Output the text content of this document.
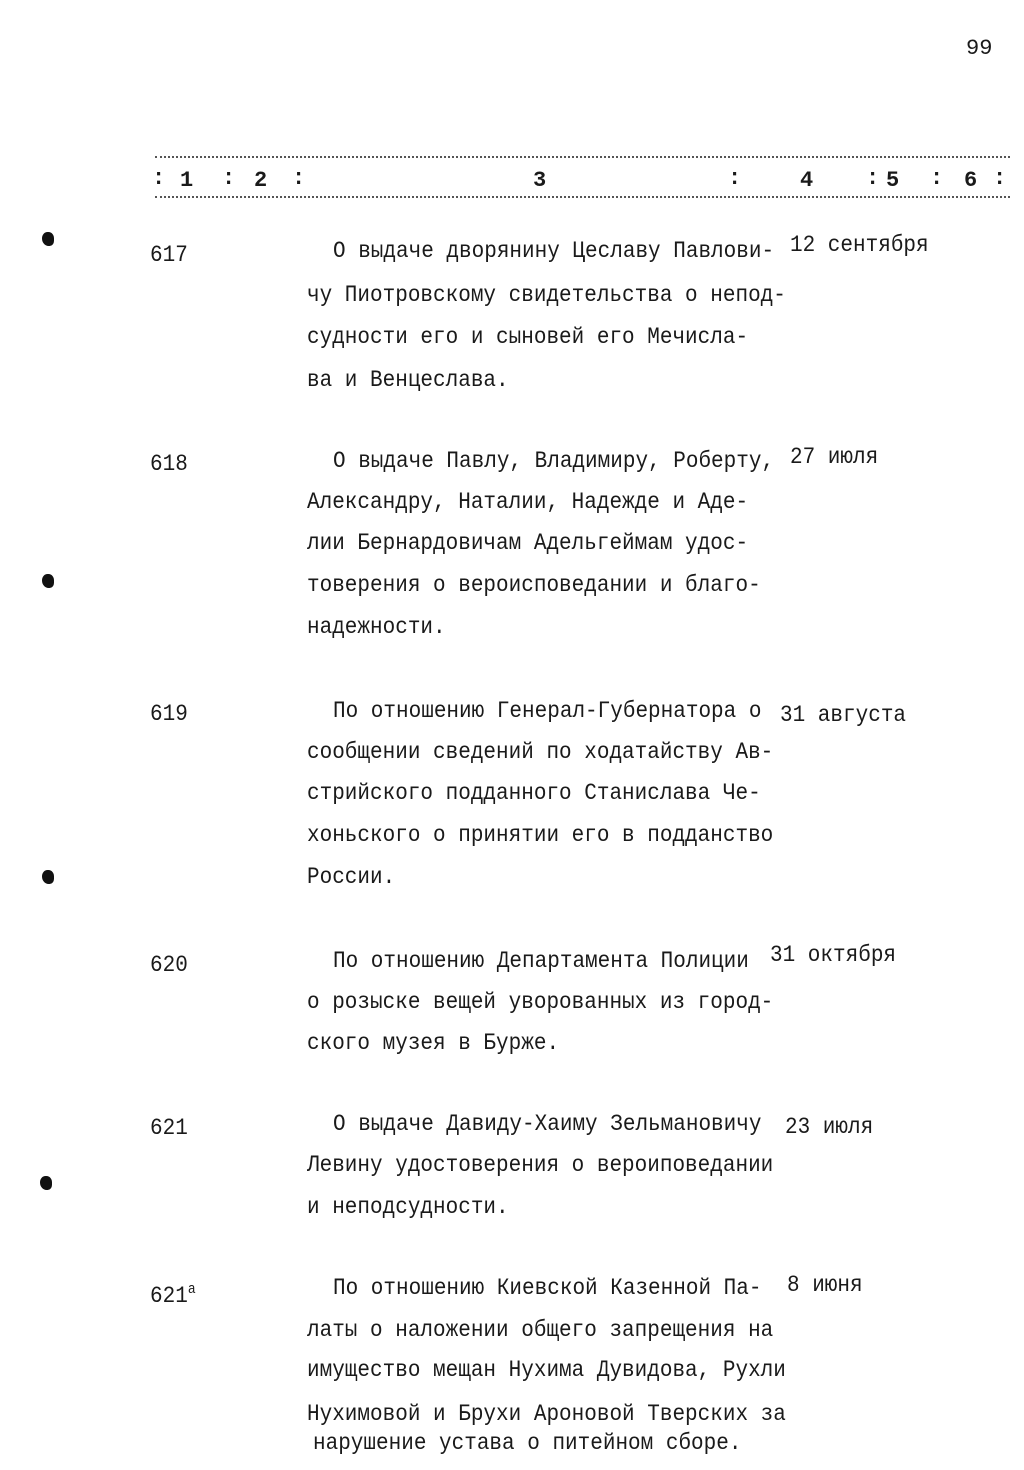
99
: 1 : 2 :	3	:	4 : 5 : 6 :
617	О выдаче дворянину Цеславу Павлови-
чу Пиотровскому свидетельства о непод-
судности его и сыновей его Мечисла-
ва и Венцеслава.
12 сентября
618	О выдаче Павлу, Владимиру, Роберту,
Александру, Наталии, Надежде и Аде-
лии Бернардовичам Адельгеймам удос-
товерения о вероисповедании и благо-
надежности.
27 июля
619	По отношению Генерал-Губернатора о
сообщении сведений по ходатайству Ав-
стрийского подданного Станислава Че-
хоньского о принятии его в подданство
России.
31 августа
620	По отношению Департамента Полиции
о розыске вещей уворованных из город-
ского музея в Бурже.
31 октября
621	О выдаче Давиду-Хаиму Зельмановичу
Левину удостоверения о вероиповедании
и неподсудности.
23 июля
$621^а$	По отношению Киевской Казенной Па-
латы о наложении общего запрещения на
имущество мещан Нухима Дувидова, Рухли
Нухимовой и Брухи Ароновой Тверских за
нарушение устава о питейном сборе.
8 июня
